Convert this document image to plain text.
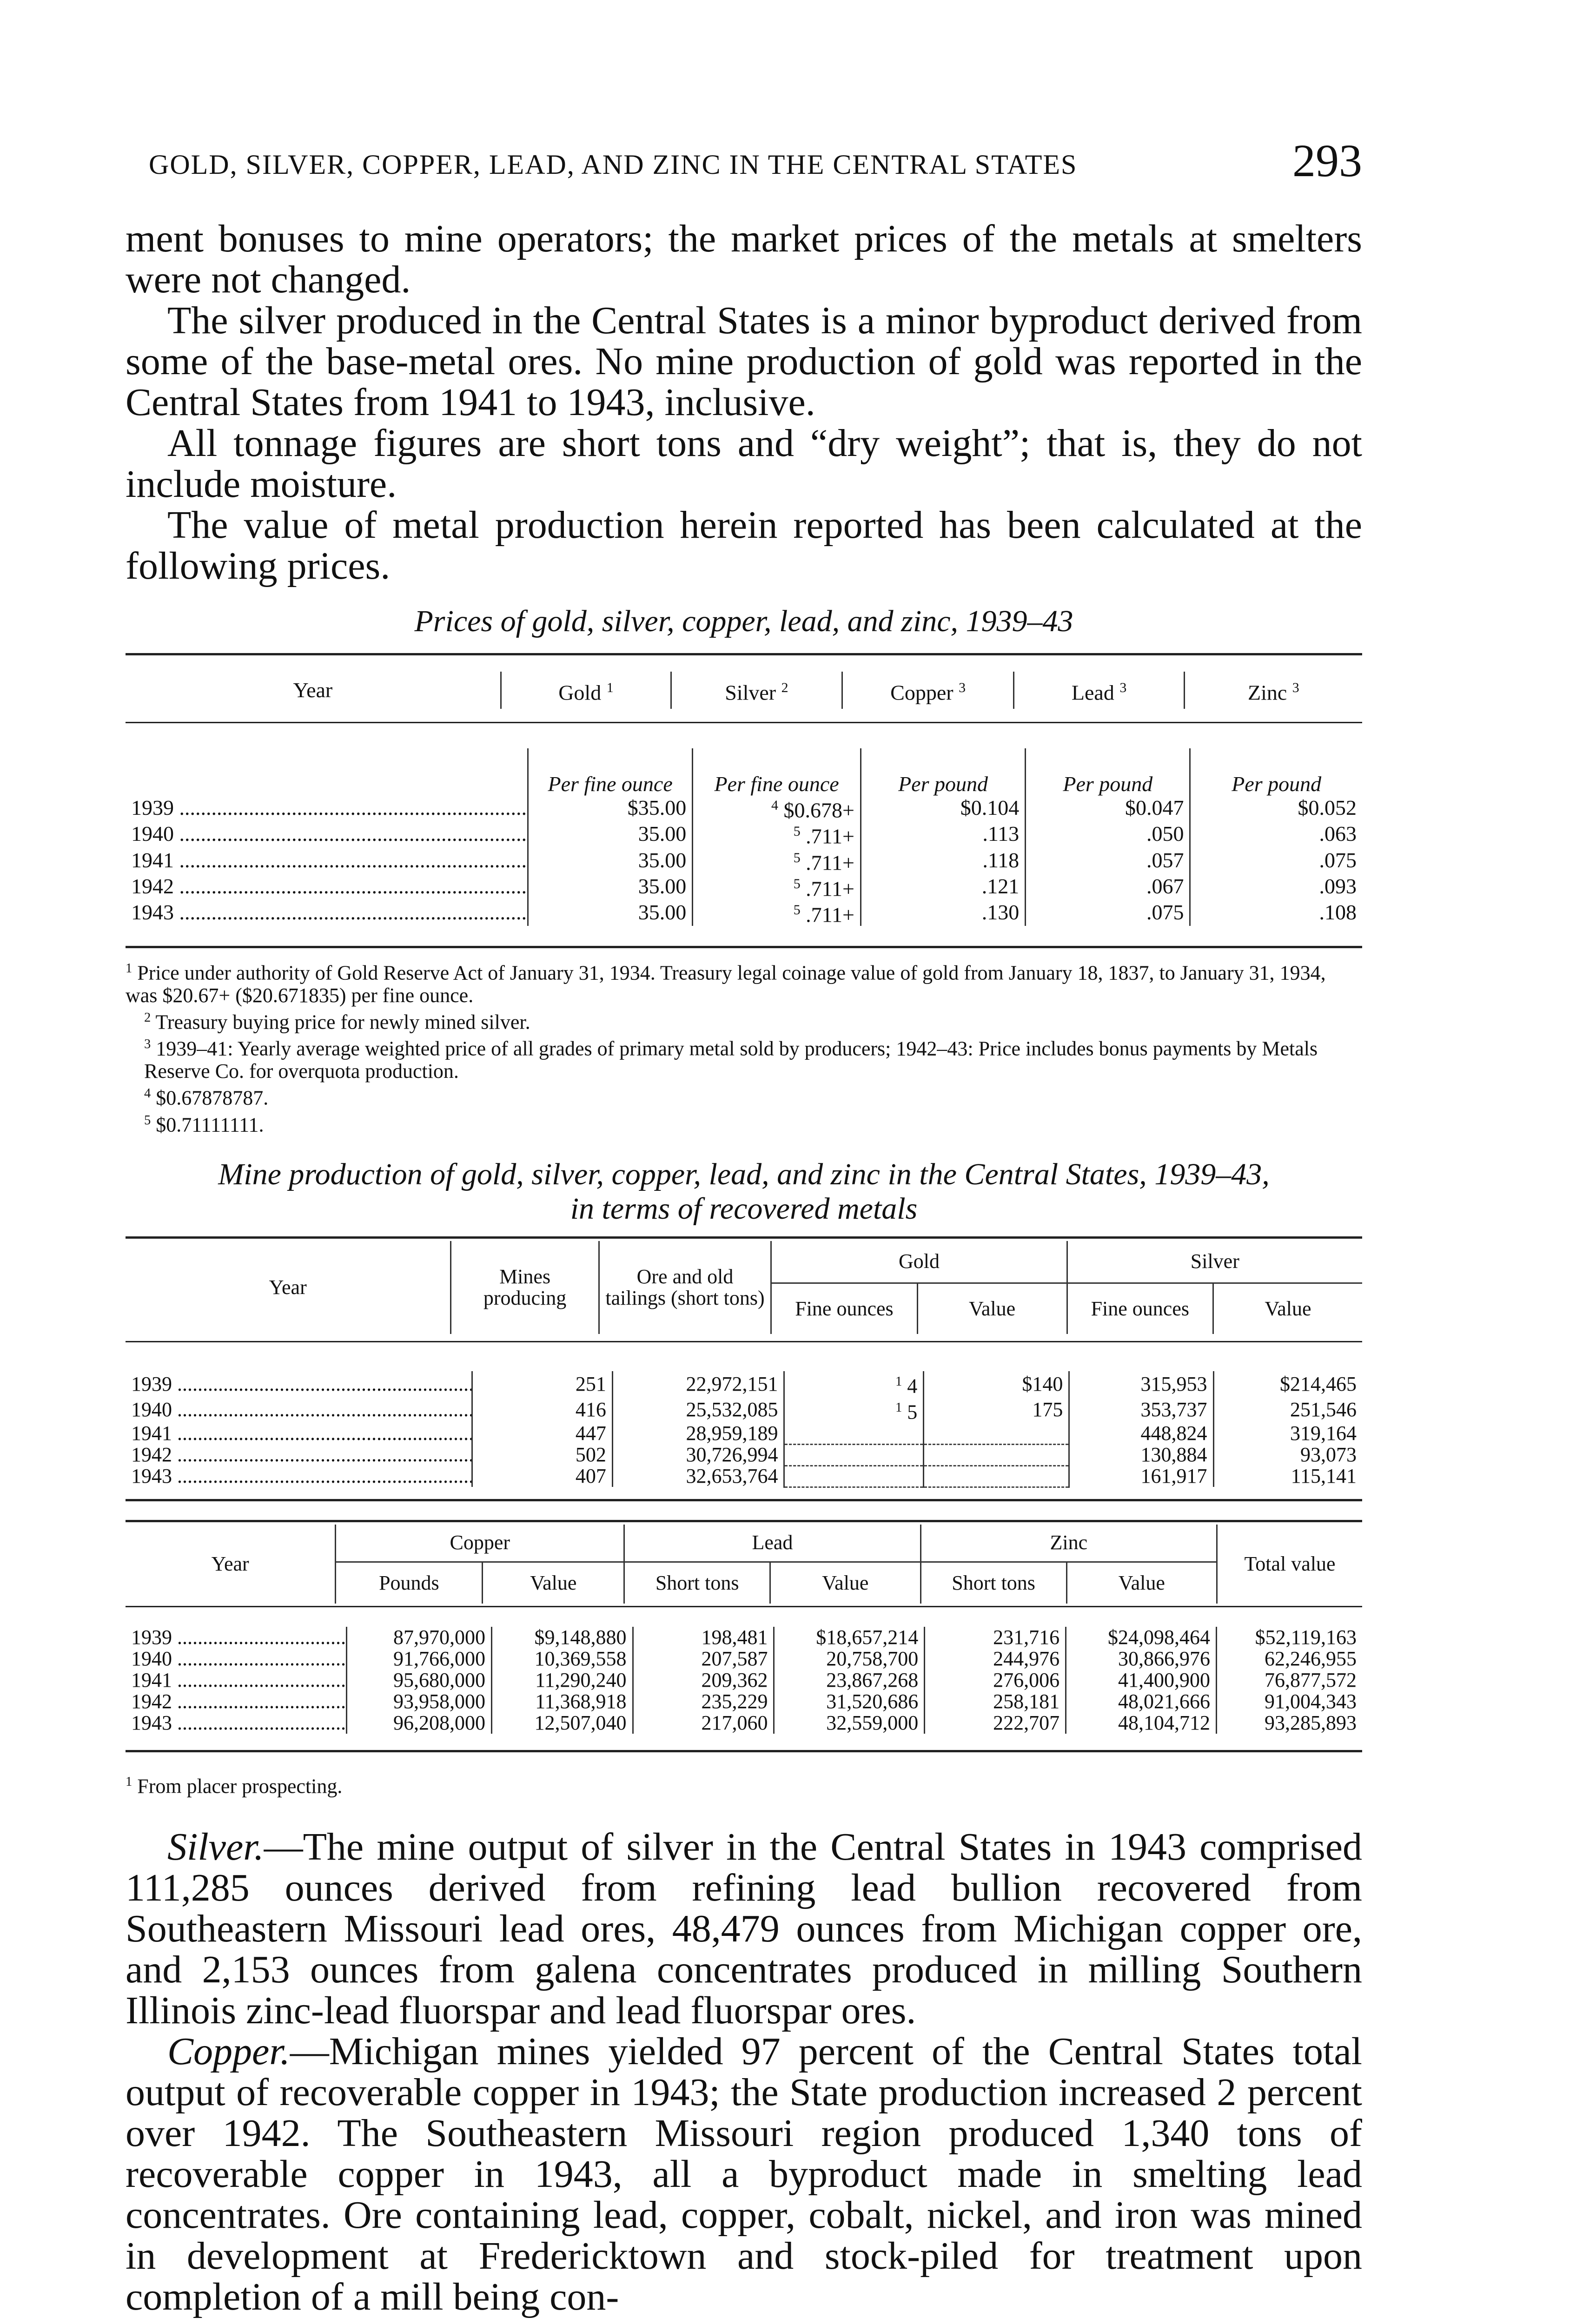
GOLD, SILVER, COPPER, LEAD, AND ZINC IN THE CENTRAL STATES	293

ment bonuses to mine operators; the market prices of the metals at smelters were not changed.

The silver produced in the Central States is a minor byproduct derived from some of the base-metal ores. No mine production of gold was reported in the Central States from 1941 to 1943, inclusive.

All tonnage figures are short tons and “dry weight”; that is, they do not include moisture.

The value of metal production herein reported has been calculated at the following prices.

Prices of gold, silver, copper, lead, and zinc, 1939–43
Year	Gold $^1$	Silver $^2$	Copper $^3$	Lead $^3$	Zinc $^3$
	Per fine ounce	Per fine ounce	Per pound	Per pound	Per pound
1939 .....	$35.00	$^4$ $0.678+	$0.104	$0.047	$0.052
1940 .....	35.00	$^5$ .711+	.113	.050	.063
1941 .....	35.00	$^5$ .711+	.118	.057	.075
1942 .....	35.00	$^5$ .711+	.121	.067	.093
1943 .....	35.00	$^5$ .711+	.130	.075	.108
$^1$ Price under authority of Gold Reserve Act of January 31, 1934. Treasury legal coinage value of gold from January 18, 1837, to January 31, 1934, was $20.67+ ($20.671835) per fine ounce.
$^2$ Treasury buying price for newly mined silver.
$^3$ 1939–41: Yearly average weighted price of all grades of primary metal sold by producers; 1942–43: Price includes bonus payments by Metals Reserve Co. for overquota production.
$^4$ $0.67878787.
$^5$ $0.71111111.
Mine production of gold, silver, copper, lead, and zinc in the Central States, 1939–43,
in terms of recovered metals
Year	Mines producing	Ore and old tailings (short tons)	Gold		Silver	
			Fine ounces	Value	Fine ounces	Value
1939 .....	251	22,972,151	$^1$ 4	$140	315,953	$214,465
1940 .....	416	25,532,085	$^1$ 5	175	353,737	251,546
1941 .....	447	28,959,189			448,824	319,164
1942 .....	502	30,726,994			130,884	93,073
1943 .....	407	32,653,764			161,917	115,141
Year	Copper		Lead		Zinc		Total value
	Pounds	Value	Short tons	Value	Short tons	Value	
1939 .....	87,970,000	$9,148,880	198,481	$18,657,214	231,716	$24,098,464	$52,119,163
1940 .....	91,766,000	10,369,558	207,587	20,758,700	244,976	30,866,976	62,246,955
1941 .....	95,680,000	11,290,240	209,362	23,867,268	276,006	41,400,900	76,877,572
1942 .....	93,958,000	11,368,918	235,229	31,520,686	258,181	48,021,666	91,004,343
1943 .....	96,208,000	12,507,040	217,060	32,559,000	222,707	48,104,712	93,285,893
$^1$ From placer prospecting.

Silver.—The mine output of silver in the Central States in 1943 comprised 111,285 ounces derived from refining lead bullion recovered from Southeastern Missouri lead ores, 48,479 ounces from Michigan copper ore, and 2,153 ounces from galena concentrates produced in milling Southern Illinois zinc-lead fluorspar and lead fluorspar ores.

Copper.—Michigan mines yielded 97 percent of the Central States total output of recoverable copper in 1943; the State production increased 2 percent over 1942. The Southeastern Missouri region produced 1,340 tons of recoverable copper in 1943, all a byproduct made in smelting lead concentrates. Ore containing lead, copper, cobalt, nickel, and iron was mined in development at Fredericktown and stock-piled for treatment upon completion of a mill being con-
